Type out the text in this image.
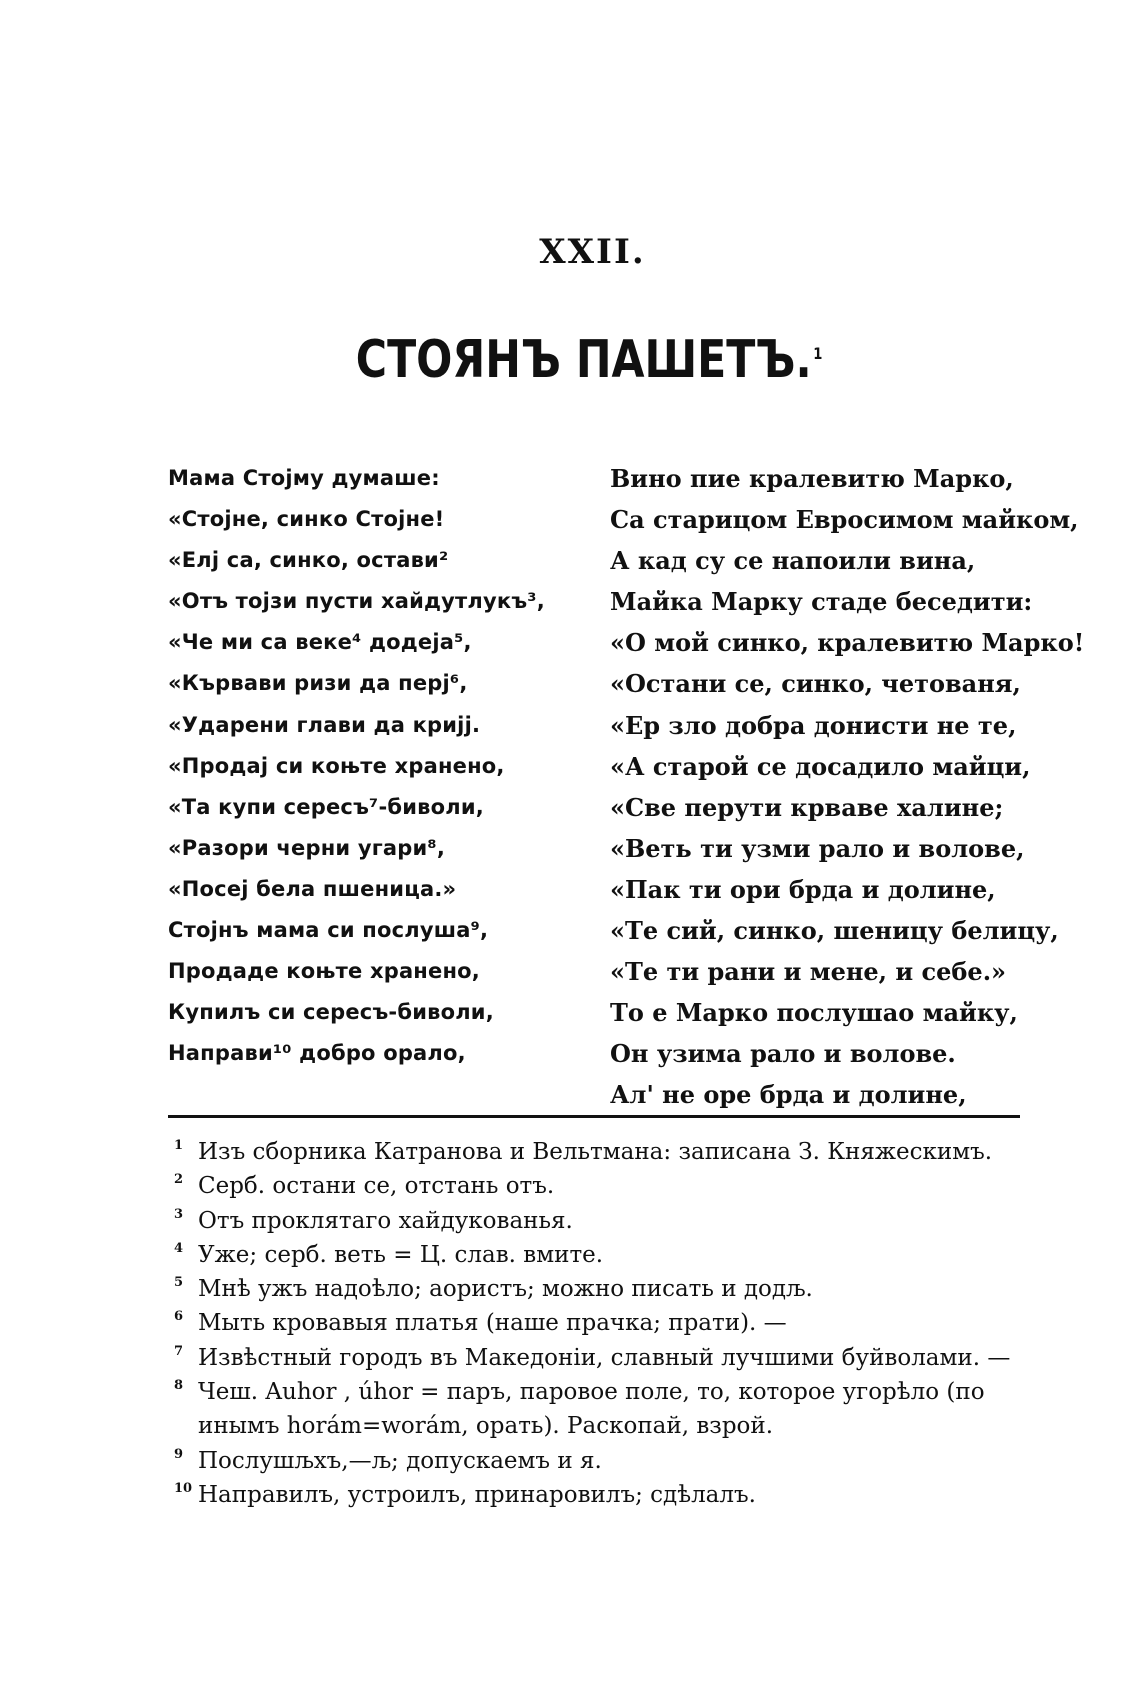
XXII.
СТОЯНЪ ПАШЕТЪ. $^1$
Мама Стојму думаше:
«Стојне, синко Стојне!
«Елј са, синко, остави²
«Отъ тојзи пусти хайдутлукъ³,
«Че ми са веке⁴ додеја⁵,
«Кървави ризи да перј⁶,
«Ударени глави да кријј.
«Продај си коњте хранено,
«Та купи сересъ⁷-биволи,
«Разори черни угари⁸,
«Посеј бела пшеница.»
Стојнъ мама си послуша⁹,
Продаде коњте хранено,
Купилъ си сересъ-биволи,
Направи¹⁰ добро орало,
Вино пие кралевитю Марко,
Са старицом Евросимом майком,
А кад су се напоили вина,
Майка Марку стаде беседити:
«О мой синко, кралевитю Марко!
«Остани се, синко, четованя,
«Ер зло добра донисти не те,
«А старой се досадило майци,
«Све перути крваве халине;
«Веть ти узми рало и волове,
«Пак ти ори брда и долине,
«Те сий, синко, шеницу белицу,
«Те ти рани и мене, и себе.»
То е Марко послушао майку,
Он узима рало и волове.
Ал' не оре брда и долине,
1 Изъ сборника Катранова и Вельтмана: записана З. Княжескимъ.
2 Серб. остани се, отстань отъ.
3 Отъ проклятаго хайдукованья.
4 Уже; серб. веть = Ц. слав. вмите.
5 Мнѣ ужъ надоѣло; аористъ; можно писать и додљ.
6 Мыть кровавыя платья (наше прачка; прати). —
7 Извѣстный городъ въ Македоніи, славный лучшими буйволами. —
8 Чеш. Auhor , úhor = паръ, паровое поле, то, которое угорѣло (по инымъ horám=worám, орать). Раскопай, взрой.
9 Послушљхъ,—љ; допускаемъ и я.
10 Направилъ, устроилъ, принаровилъ; сдѣлалъ.
